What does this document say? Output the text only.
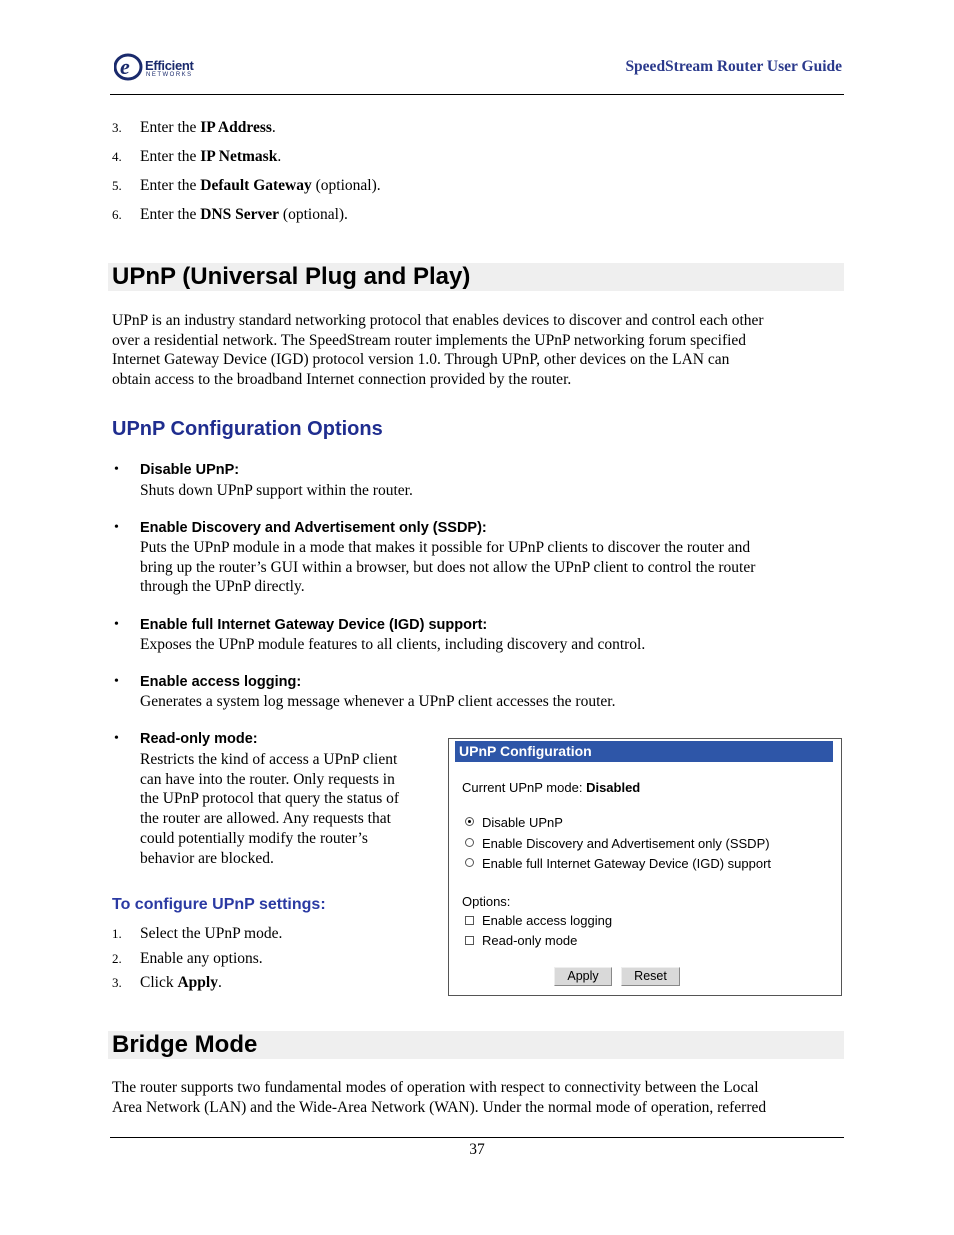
e Efficient
NETWORKS	SpeedStream Router User Guide
3. Enter the IP Address.
4. Enter the IP Netmask.
5. Enter the Default Gateway (optional).
6. Enter the DNS Server (optional).
UPnP (Universal Plug and Play)
UPnP is an industry standard networking protocol that enables devices to discover and control each other
over a residential network. The SpeedStream router implements the UPnP networking forum specified
Internet Gateway Device (IGD) protocol version 1.0. Through UPnP, other devices on the LAN can
obtain access to the broadband Internet connection provided by the router.
UPnP Configuration Options
• Disable UPnP:
Shuts down UPnP support within the router.
• Enable Discovery and Advertisement only (SSDP):
Puts the UPnP module in a mode that makes it possible for UPnP clients to discover the router and
bring up the router’s GUI within a browser, but does not allow the UPnP client to control the router
through the UPnP directly.
• Enable full Internet Gateway Device (IGD) support:
Exposes the UPnP module features to all clients, including discovery and control.
• Enable access logging:
Generates a system log message whenever a UPnP client accesses the router.
• Read-only mode:
Restricts the kind of access a UPnP client
can have into the router. Only requests in
the UPnP protocol that query the status of
the router are allowed. Any requests that
could potentially modify the router’s
behavior are blocked.
To configure UPnP settings:
1. Select the UPnP mode.
2. Enable any options.
3. Click Apply.
UPnP Configuration
Current UPnP mode: Disabled
Disable UPnP
Enable Discovery and Advertisement only (SSDP)
Enable full Internet Gateway Device (IGD) support
Options:
Enable access logging
Read-only mode
Apply	Reset
Bridge Mode
The router supports two fundamental modes of operation with respect to connectivity between the Local
Area Network (LAN) and the Wide-Area Network (WAN). Under the normal mode of operation, referred
37
